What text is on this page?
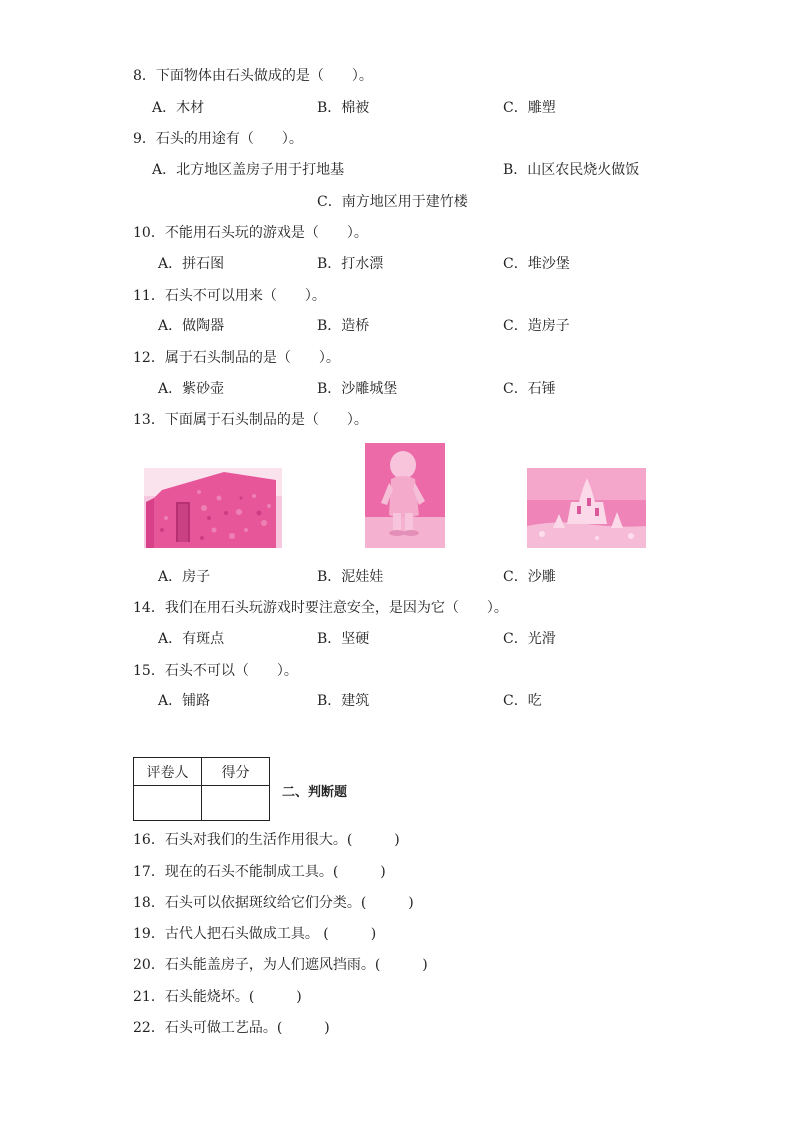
8．下面物体由石头做成的是（　　）。
A．木材	B．棉被	C．雕塑
9．石头的用途有（　　）。
A．北方地区盖房子用于打地基	B．山区农民烧火做饭
C．南方地区用于建竹楼
10．不能用石头玩的游戏是（　　）。
A．拼石图	B．打水漂	C．堆沙堡
11．石头不可以用来（　　）。
A．做陶器	B．造桥	C．造房子
12．属于石头制品的是（　　）。
A．紫砂壶	B．沙雕城堡	C．石锤
13．下面属于石头制品的是（　　）。
A．房子	B．泥娃娃	C．沙雕
14．我们在用石头玩游戏时要注意安全，是因为它（　　）。
A．有斑点	B．坚硬	C．光滑
15．石头不可以（　　）。
A．铺路	B．建筑	C．吃
评卷人	得分

二、判断题
16．石头对我们的生活作用很大。(　　　)
17．现在的石头不能制成工具。(　　　)
18．石头可以依据斑纹给它们分类。(　　　)
19．古代人把石头做成工具。 (　　　)
20．石头能盖房子，为人们遮风挡雨。(　　　)
21．石头能烧坏。(　　　)
22．石头可做工艺品。(　　　)
